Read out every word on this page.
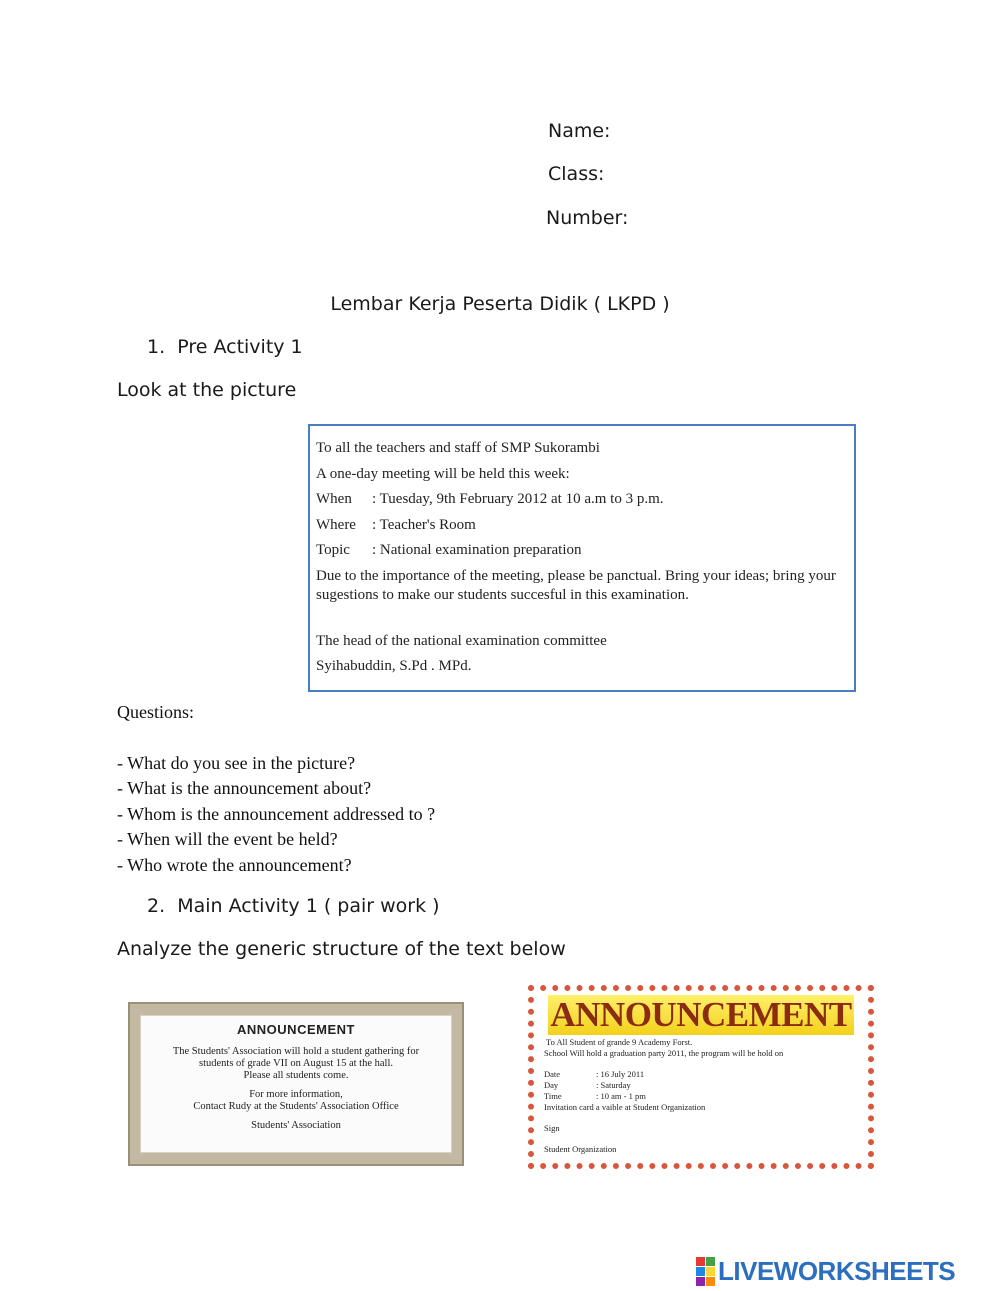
Name:
Class:
Number:
Lembar Kerja Peserta Didik ( LKPD )
1.  Pre Activity 1
Look at the picture
To all the teachers and staff of SMP Sukorambi
A one-day meeting will be held this week:
When : Tuesday, 9th February 2012 at 10 a.m to 3 p.m.
Where : Teacher's Room
Topic : National examination preparation
Due to the importance of the meeting, please be panctual. Bring your ideas; bring your sugestions to make our students succesful in this examination.
The head of the national examination committee
Syihabuddin, S.Pd . MPd.
Questions:
- What do you see in the picture?
- What is the announcement about?
- Whom is the announcement addressed to ?
- When will the event be held?
- Who wrote the announcement?
2.  Main Activity 1 ( pair work )
Analyze the generic structure of the text below
ANNOUNCEMENT

The Students' Association will hold a student gathering for

students of grade VII on August 15 at the hall.

Please all students come.

For more information,

Contact Rudy at the Students' Association Office

Students' Association

ANNOUNCEMENT
To All Student of grande 9 Academy Forst.
School Will hold a graduation party 2011, the program will be hold on
Date	: 16 July 2011
Day	: Saturday
Time	: 10 am - 1 pm
Invitation card a vaible at Student Organization
Sign
Student Organization
LIVEWORKSHEETS
